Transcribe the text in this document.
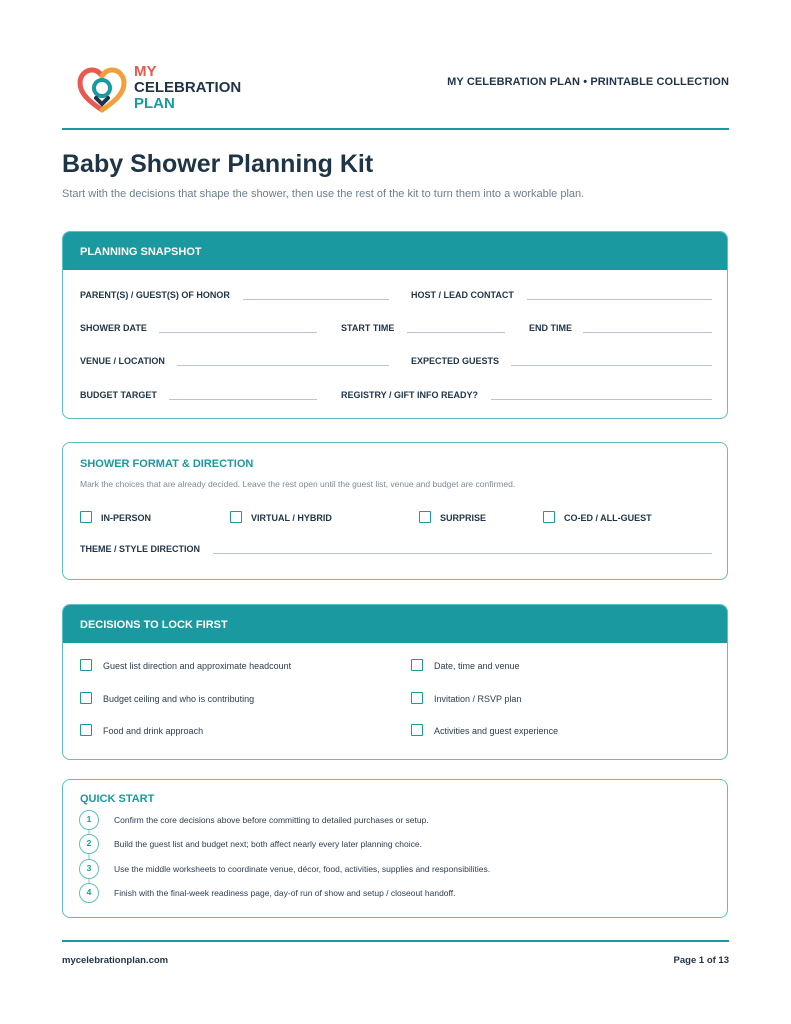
MY
CELEBRATION
PLAN
MY CELEBRATION PLAN • PRINTABLE COLLECTION
Baby Shower Planning Kit
Start with the decisions that shape the shower, then use the rest of the kit to turn them into a workable plan.
PLANNING SNAPSHOT
PARENT(S) / GUEST(S) OF HONOR	HOST / LEAD CONTACT
SHOWER DATE	START TIME	END TIME
VENUE / LOCATION	EXPECTED GUESTS
BUDGET TARGET	REGISTRY / GIFT INFO READY?
SHOWER FORMAT & DIRECTION
Mark the choices that are already decided. Leave the rest open until the guest list, venue and budget are confirmed.
IN-PERSON	VIRTUAL / HYBRID	SURPRISE	CO-ED / ALL-GUEST
THEME / STYLE DIRECTION
DECISIONS TO LOCK FIRST
Guest list direction and approximate headcount	Date, time and venue
Budget ceiling and who is contributing	Invitation / RSVP plan
Food and drink approach	Activities and guest experience
QUICK START
1	Confirm the core decisions above before committing to detailed purchases or setup.
2	Build the guest list and budget next; both affect nearly every later planning choice.
3	Use the middle worksheets to coordinate venue, décor, food, activities, supplies and responsibilities.
4	Finish with the final-week readiness page, day-of run of show and setup / closeout handoff.
mycelebrationplan.com	Page 1 of 13
